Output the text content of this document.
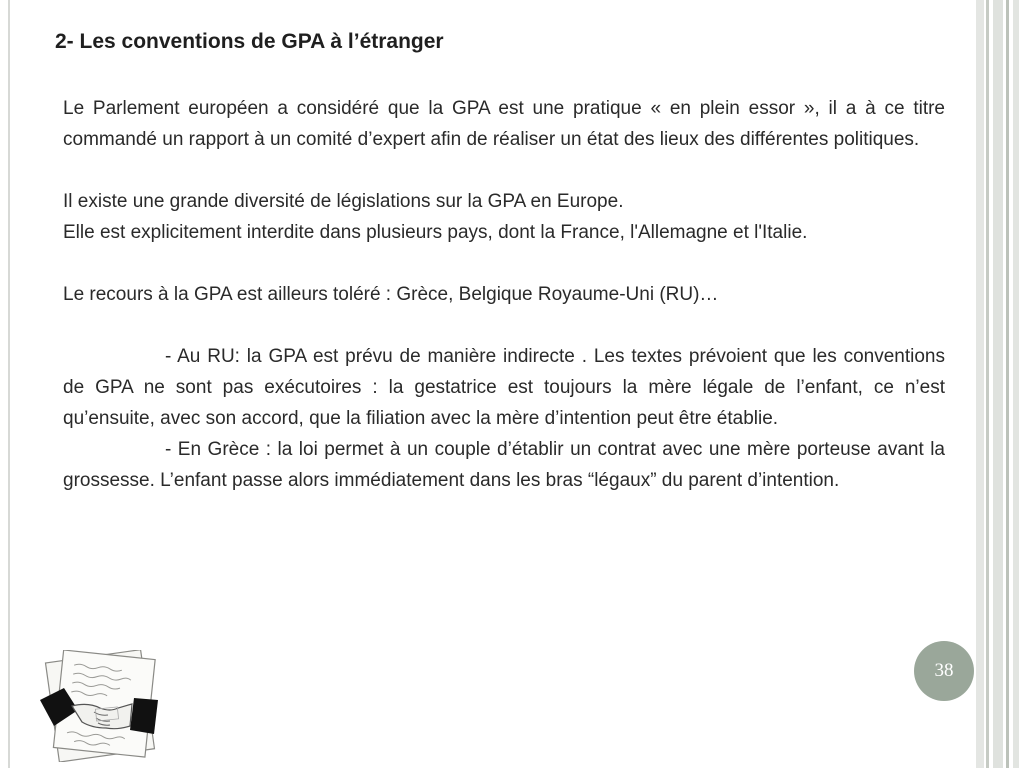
2- Les conventions de GPA à l’étranger

Le Parlement européen a considéré que la GPA est une pratique « en plein essor », il a à ce titre commandé un rapport à un comité d’expert afin de réaliser un état des lieux des différentes politiques.

Il existe une grande diversité de législations sur la GPA en Europe.

Elle est explicitement interdite dans plusieurs pays, dont la France, l'Allemagne et l'Italie.

Le recours à la GPA est ailleurs toléré : Grèce, Belgique Royaume-Uni (RU)…

- Au RU: la GPA est prévu de manière indirecte . Les textes prévoient que les conventions de GPA ne sont pas exécutoires : la gestatrice est toujours la mère légale de l’enfant, ce n’est qu’ensuite, avec son accord, que la filiation avec la mère d’intention peut être établie.

- En Grèce : la loi permet à un couple d’établir un contrat avec une mère porteuse avant la grossesse. L’enfant passe alors immédiatement dans les bras “légaux” du parent d’intention.

38
